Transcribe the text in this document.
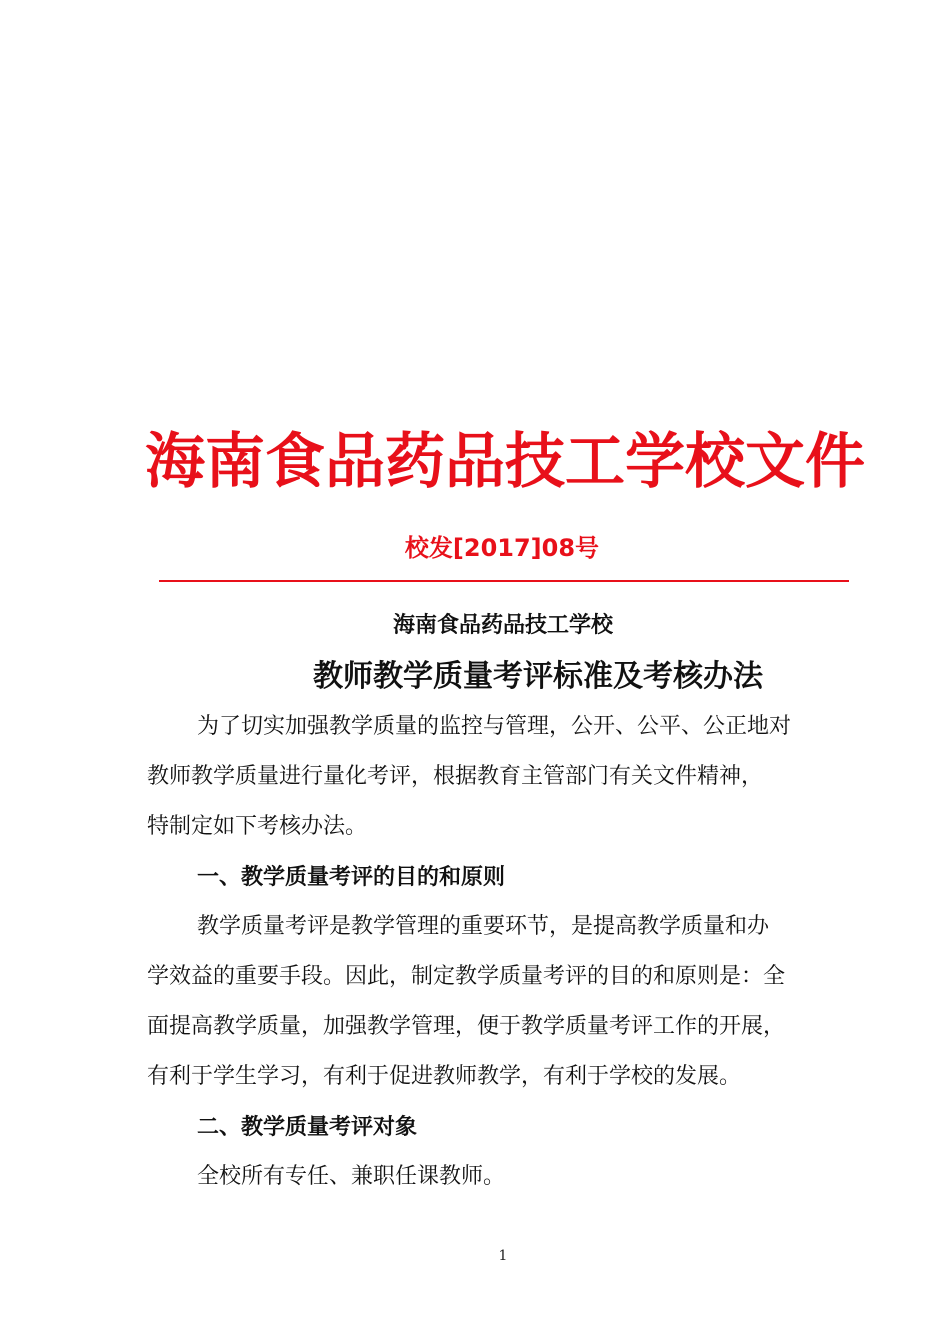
海南食品药品技工学校文件
校发[2017]08号
海南食品药品技工学校
教师教学质量考评标准及考核办法
为了切实加强教学质量的监控与管理，公开、公平、公正地对
教师教学质量进行量化考评，根据教育主管部门有关文件精神，
特制定如下考核办法。
一、教学质量考评的目的和原则
教学质量考评是教学管理的重要环节，是提高教学质量和办
学效益的重要手段。因此，制定教学质量考评的目的和原则是：全
面提高教学质量，加强教学管理，便于教学质量考评工作的开展，
有利于学生学习，有利于促进教师教学，有利于学校的发展。
二、教学质量考评对象
全校所有专任、兼职任课教师。
1
